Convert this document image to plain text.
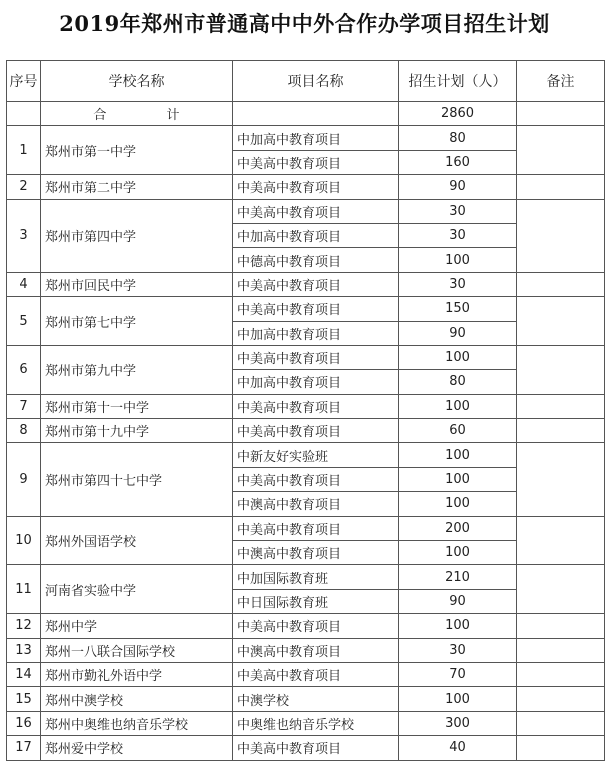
2019年郑州市普通高中中外合作办学项目招生计划
序号	学校名称	项目名称	招生计划（人）	备注
	合 计		2860	
1	郑州市第一中学	中加高中教育项目	80	
		中美高中教育项目	160	
2	郑州市第二中学	中美高中教育项目	90	
3	郑州市第四中学	中美高中教育项目	30	
		中加高中教育项目	30	
		中德高中教育项目	100	
4	郑州市回民中学	中美高中教育项目	30	
5	郑州市第七中学	中美高中教育项目	150	
		中加高中教育项目	90	
6	郑州市第九中学	中美高中教育项目	100	
		中加高中教育项目	80	
7	郑州市第十一中学	中美高中教育项目	100	
8	郑州市第十九中学	中美高中教育项目	60	
9	郑州市第四十七中学	中新友好实验班	100	
		中美高中教育项目	100	
		中澳高中教育项目	100	
10	郑州外国语学校	中美高中教育项目	200	
		中澳高中教育项目	100	
11	河南省实验中学	中加国际教育班	210	
		中日国际教育班	90	
12	郑州中学	中美高中教育项目	100	
13	郑州一八联合国际学校	中澳高中教育项目	30	
14	郑州市勤礼外语中学	中美高中教育项目	70	
15	郑州中澳学校	中澳学校	100	
16	郑州中奥维也纳音乐学校	中奥维也纳音乐学校	300	
17	郑州爱中学校	中美高中教育项目	40	
